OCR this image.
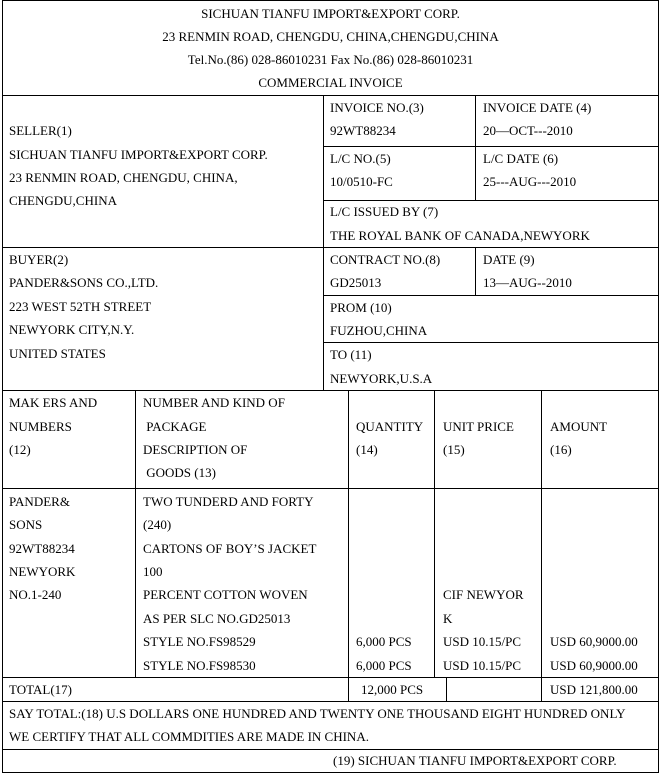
SICHUAN TIANFU IMPORT&EXPORT CORP.
23 RENMIN ROAD, CHENGDU, CHINA,CHENGDU,CHINA
Tel.No.(86) 028-86010231 Fax No.(86) 028-86010231
COMMERCIAL INVOICE
SELLER(1)
SICHUAN TIANFU IMPORT&EXPORT CORP.
23 RENMIN ROAD, CHENGDU, CHINA,
CHENGDU,CHINA
INVOICE NO.(3)
92WT88234
INVOICE DATE (4)
20—OCT---2010
L/C NO.(5)
10/0510-FC
L/C DATE (6)
25---AUG---2010
L/C ISSUED BY (7)
THE ROYAL BANK OF CANADA,NEWYORK
BUYER(2)
PANDER&SONS CO.,LTD.
223 WEST 52TH STREET
NEWYORK CITY,N.Y.
UNITED STATES
CONTRACT NO.(8)
GD25013
DATE (9)
13—AUG--2010
PROM (10)
FUZHOU,CHINA
TO (11)
NEWYORK,U.S.A
MAK ERS AND
NUMBERS
(12)
NUMBER AND KIND OF
PACKAGE
DESCRIPTION OF
GOODS (13)
QUANTITY
(14)
UNIT PRICE
(15)
AMOUNT
(16)
PANDER&
SONS
92WT88234
NEWYORK
NO.1-240
TWO TUNDERD AND FORTY
(240)
CARTONS OF BOY’S JACKET
100
PERCENT COTTON WOVEN
AS PER SLC NO.GD25013
STYLE NO.FS98529
STYLE NO.FS98530
CIF NEWYOR
K
6,000 PCS USD 10.15/PC USD 60,9000.00
6,000 PCS USD 10.15/PC USD 60,9000.00
TOTAL(17)	12,000 PCS	USD 121,800.00
SAY TOTAL:(18) U.S DOLLARS ONE HUNDRED AND TWENTY ONE THOUSAND EIGHT HUNDRED ONLY
WE CERTIFY THAT ALL COMMDITIES ARE MADE IN CHINA.
(19) SICHUAN TIANFU IMPORT&EXPORT CORP.
